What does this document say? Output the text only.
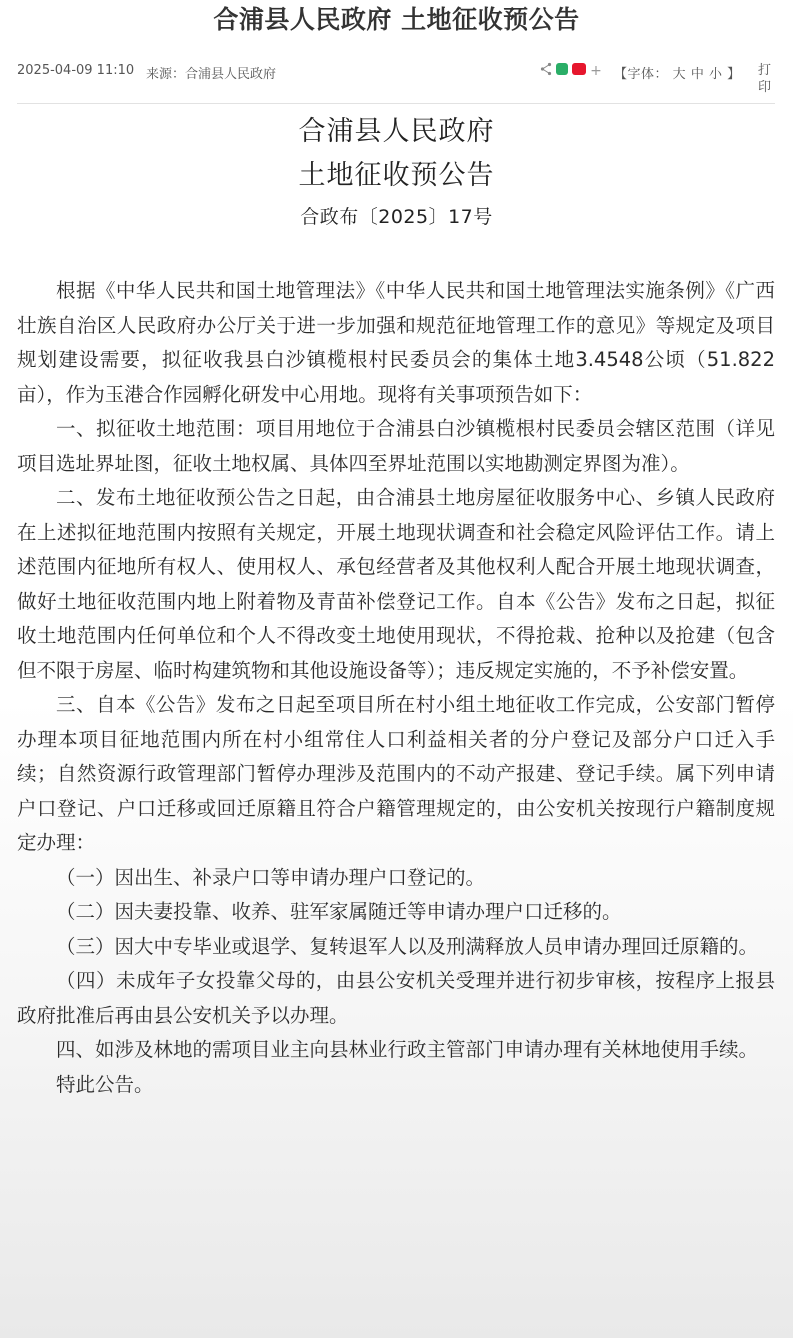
合浦县人民政府 土地征收预公告
2025-04-09 11:10 来源：合浦县人民政府	+ 【字体： 大 中 小 】 打印
合浦县人民政府
土地征收预公告
合政布〔2025〕17号

根据《中华人民共和国土地管理法》《中华人民共和国土地管理法实施条例》《广西壮族自治区人民政府办公厅关于进一步加强和规范征地管理工作的意见》等规定及项目规划建设需要，拟征收我县白沙镇榄根村民委员会的集体土地3.4548公顷（51.822亩），作为玉港合作园孵化研发中心用地。现将有关事项预告如下：

一、拟征收土地范围：项目用地位于合浦县白沙镇榄根村民委员会辖区范围（详见项目选址界址图，征收土地权属、具体四至界址范围以实地勘测定界图为准）。

二、发布土地征收预公告之日起，由合浦县土地房屋征收服务中心、乡镇人民政府在上述拟征地范围内按照有关规定，开展土地现状调查和社会稳定风险评估工作。请上述范围内征地所有权人、使用权人、承包经营者及其他权利人配合开展土地现状调查，做好土地征收范围内地上附着物及青苗补偿登记工作。自本《公告》发布之日起，拟征收土地范围内任何单位和个人不得改变土地使用现状，不得抢栽、抢种以及抢建（包含但不限于房屋、临时构建筑物和其他设施设备等）；违反规定实施的，不予补偿安置。

三、自本《公告》发布之日起至项目所在村小组土地征收工作完成，公安部门暂停办理本项目征地范围内所在村小组常住人口利益相关者的分户登记及部分户口迁入手续；自然资源行政管理部门暂停办理涉及范围内的不动产报建、登记手续。属下列申请户口登记、户口迁移或回迁原籍且符合户籍管理规定的，由公安机关按现行户籍制度规定办理：

（一）因出生、补录户口等申请办理户口登记的。

（二）因夫妻投靠、收养、驻军家属随迁等申请办理户口迁移的。

（三）因大中专毕业或退学、复转退军人以及刑满释放人员申请办理回迁原籍的。

（四）未成年子女投靠父母的，由县公安机关受理并进行初步审核，按程序上报县政府批准后再由县公安机关予以办理。

四、如涉及林地的需项目业主向县林业行政主管部门申请办理有关林地使用手续。

特此公告。
